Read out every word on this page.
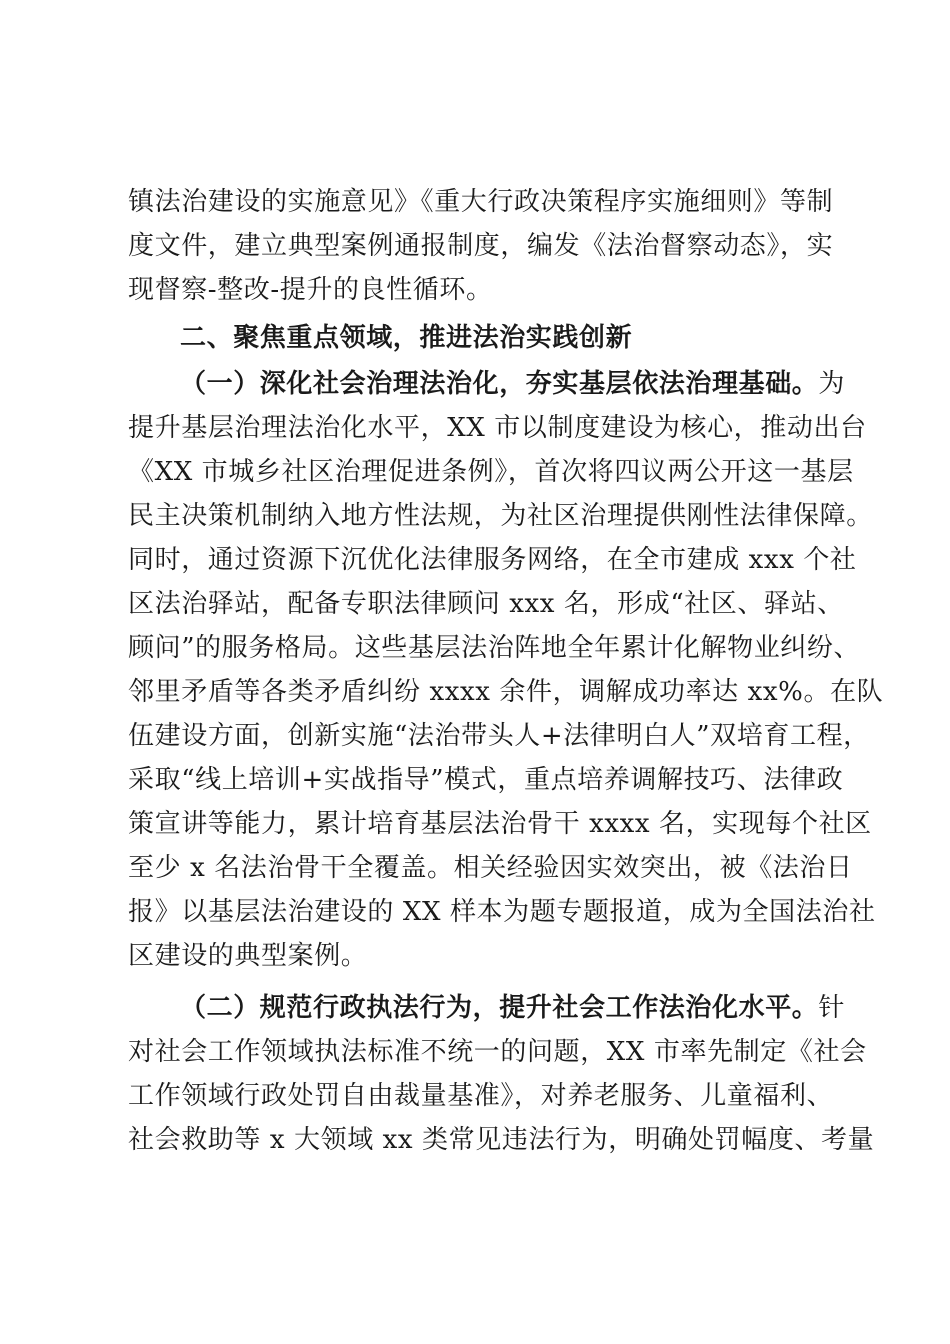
镇法治建设的实施意见》《重大行政决策程序实施细则》等制
度文件，建立典型案例通报制度，编发《法治督察动态》，实
现督察-整改-提升的良性循环。
二、聚焦重点领域，推进法治实践创新
（一）深化社会治理法治化，夯实基层依法治理基础。为
提升基层治理法治化水平，XX 市以制度建设为核心，推动出台
《XX 市城乡社区治理促进条例》，首次将四议两公开这一基层
民主决策机制纳入地方性法规，为社区治理提供刚性法律保障。
同时，通过资源下沉优化法律服务网络，在全市建成 xxx 个社
区法治驿站，配备专职法律顾问 xxx 名，形成“社区、驿站、
顾问”的服务格局。这些基层法治阵地全年累计化解物业纠纷、
邻里矛盾等各类矛盾纠纷 xxxx 余件，调解成功率达 xx%。在队
伍建设方面，创新实施“法治带头人+法律明白人”双培育工程，
采取“线上培训+实战指导”模式，重点培养调解技巧、法律政
策宣讲等能力，累计培育基层法治骨干 xxxx 名，实现每个社区
至少 x 名法治骨干全覆盖。相关经验因实效突出，被《法治日
报》以基层法治建设的 XX 样本为题专题报道，成为全国法治社
区建设的典型案例。
（二）规范行政执法行为，提升社会工作法治化水平。针
对社会工作领域执法标准不统一的问题，XX 市率先制定《社会
工作领域行政处罚自由裁量基准》，对养老服务、儿童福利、
社会救助等 x 大领域 xx 类常见违法行为，明确处罚幅度、考量
